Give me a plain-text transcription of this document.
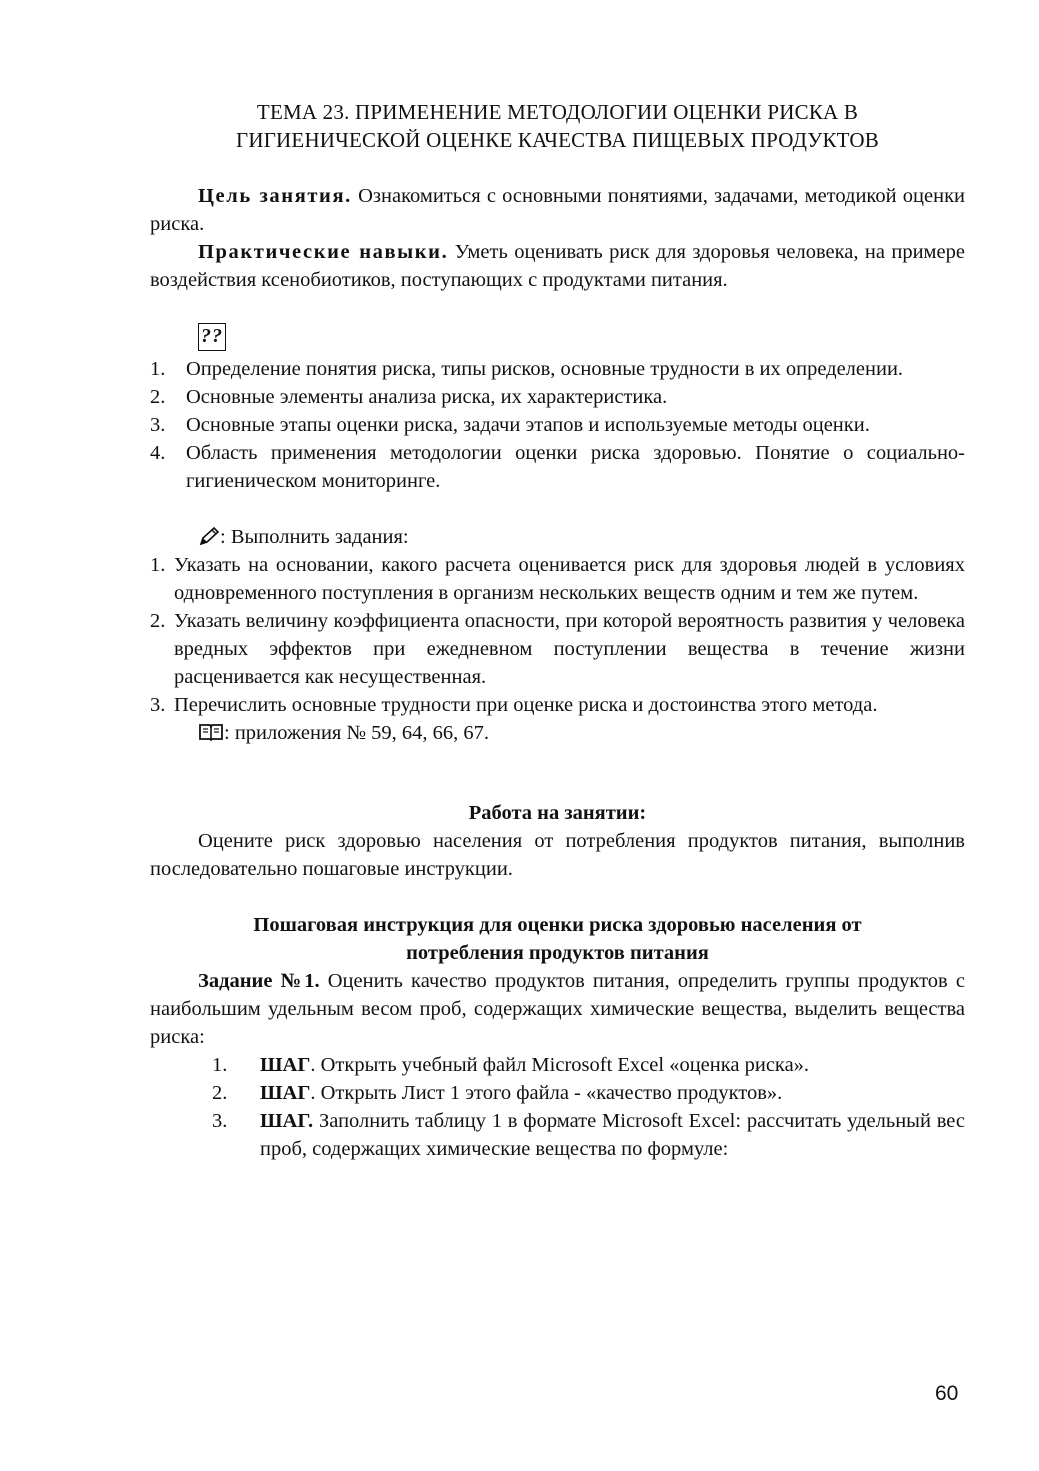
ТЕМА 23. ПРИМЕНЕНИЕ МЕТОДОЛОГИИ ОЦЕНКИ РИСКА В
ГИГИЕНИЧЕСКОЙ ОЦЕНКЕ КАЧЕСТВА ПИЩЕВЫХ ПРОДУКТОВ

Цель занятия. Ознакомиться с основными понятиями, задачами, методикой оценки риска.

Практические навыки. Уметь оценивать риск для здоровья человека, на примере воздействия ксенобиотиков, поступающих с продуктами питания.

??
1. Определение понятия риска, типы рисков, основные трудности в их определении.
2. Основные элементы анализа риска, их характеристика.
3. Основные этапы оценки риска, задачи этапов и используемые методы оценки.
4. Область применения методологии оценки риска здоровью. Понятие о социально-гигиеническом мониторинге.
: Выполнить задания:
1. Указать на основании, какого расчета оценивается риск для здоровья людей в условиях одновременного поступления в организм нескольких веществ одним и тем же путем.
2. Указать величину коэффициента опасности, при которой вероятность развития у человека вредных эффектов при ежедневном поступлении вещества в течение жизни расценивается как несущественная.
3. Перечислить основные трудности при оценке риска и достоинства этого метода.
: приложения № 59, 64, 66, 67.
Работа на занятии:

Оцените риск здоровью населения от потребления продуктов питания, выполнив последовательно пошаговые инструкции.

Пошаговая инструкция для оценки риска здоровью населения от
потребления продуктов питания

Задание №1. Оценить качество продуктов питания, определить группы продуктов с наибольшим удельным весом проб, содержащих химические вещества, выделить вещества риска:

1. ШАГ. Открыть учебный файл Microsoft Excel «оценка риска».
2. ШАГ. Открыть Лист 1 этого файла - «качество продуктов».
3. ШАГ. Заполнить таблицу 1 в формате Microsoft Excel: рассчитать удельный вес проб, содержащих химические вещества по формуле:
60
